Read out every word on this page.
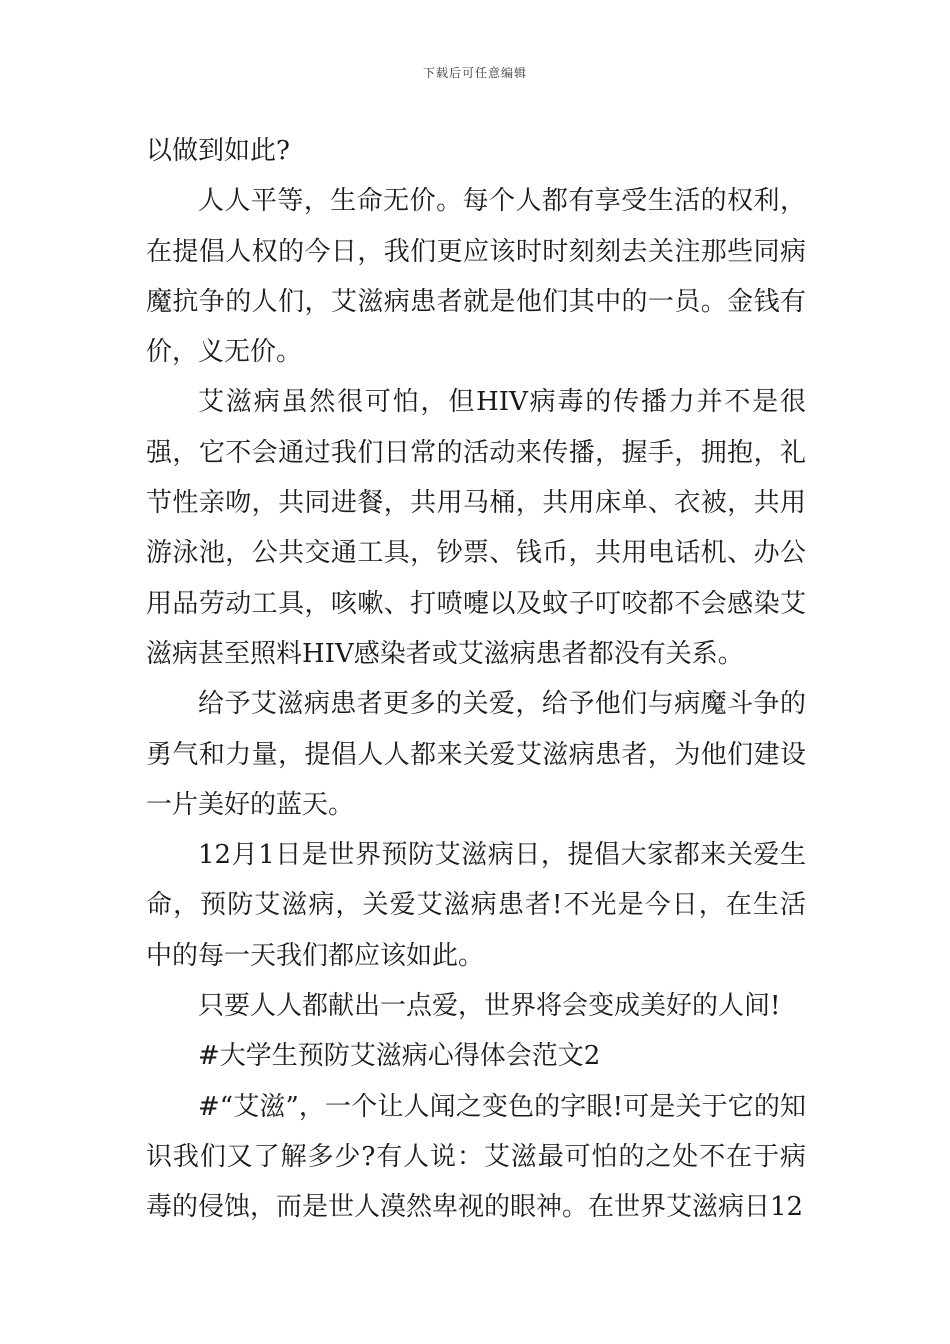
下载后可任意编辑

以做到如此?

人人平等，生命无价。每个人都有享受生活的权利，在提倡人权的今日，我们更应该时时刻刻去关注那些同病魔抗争的人们，艾滋病患者就是他们其中的一员。金钱有价，义无价。

艾滋病虽然很可怕，但HIV病毒的传播力并不是很强，它不会通过我们日常的活动来传播，握手，拥抱，礼节性亲吻，共同进餐，共用马桶，共用床单、衣被，共用游泳池，公共交通工具，钞票、钱币，共用电话机、办公用品劳动工具，咳嗽、打喷嚏以及蚊子叮咬都不会感染艾滋病甚至照料HIV感染者或艾滋病患者都没有关系。

给予艾滋病患者更多的关爱，给予他们与病魔斗争的勇气和力量，提倡人人都来关爱艾滋病患者，为他们建设一片美好的蓝天。

12月1日是世界预防艾滋病日，提倡大家都来关爱生命，预防艾滋病，关爱艾滋病患者!不光是今日，在生活中的每一天我们都应该如此。

只要人人都献出一点爱，世界将会变成美好的人间!

#大学生预防艾滋病心得体会范文2

#“艾滋”，一个让人闻之变色的字眼!可是关于它的知识我们又了解多少?有人说：艾滋最可怕的之处不在于病毒的侵蚀，而是世人漠然卑视的眼神。在世界艾滋病日12
